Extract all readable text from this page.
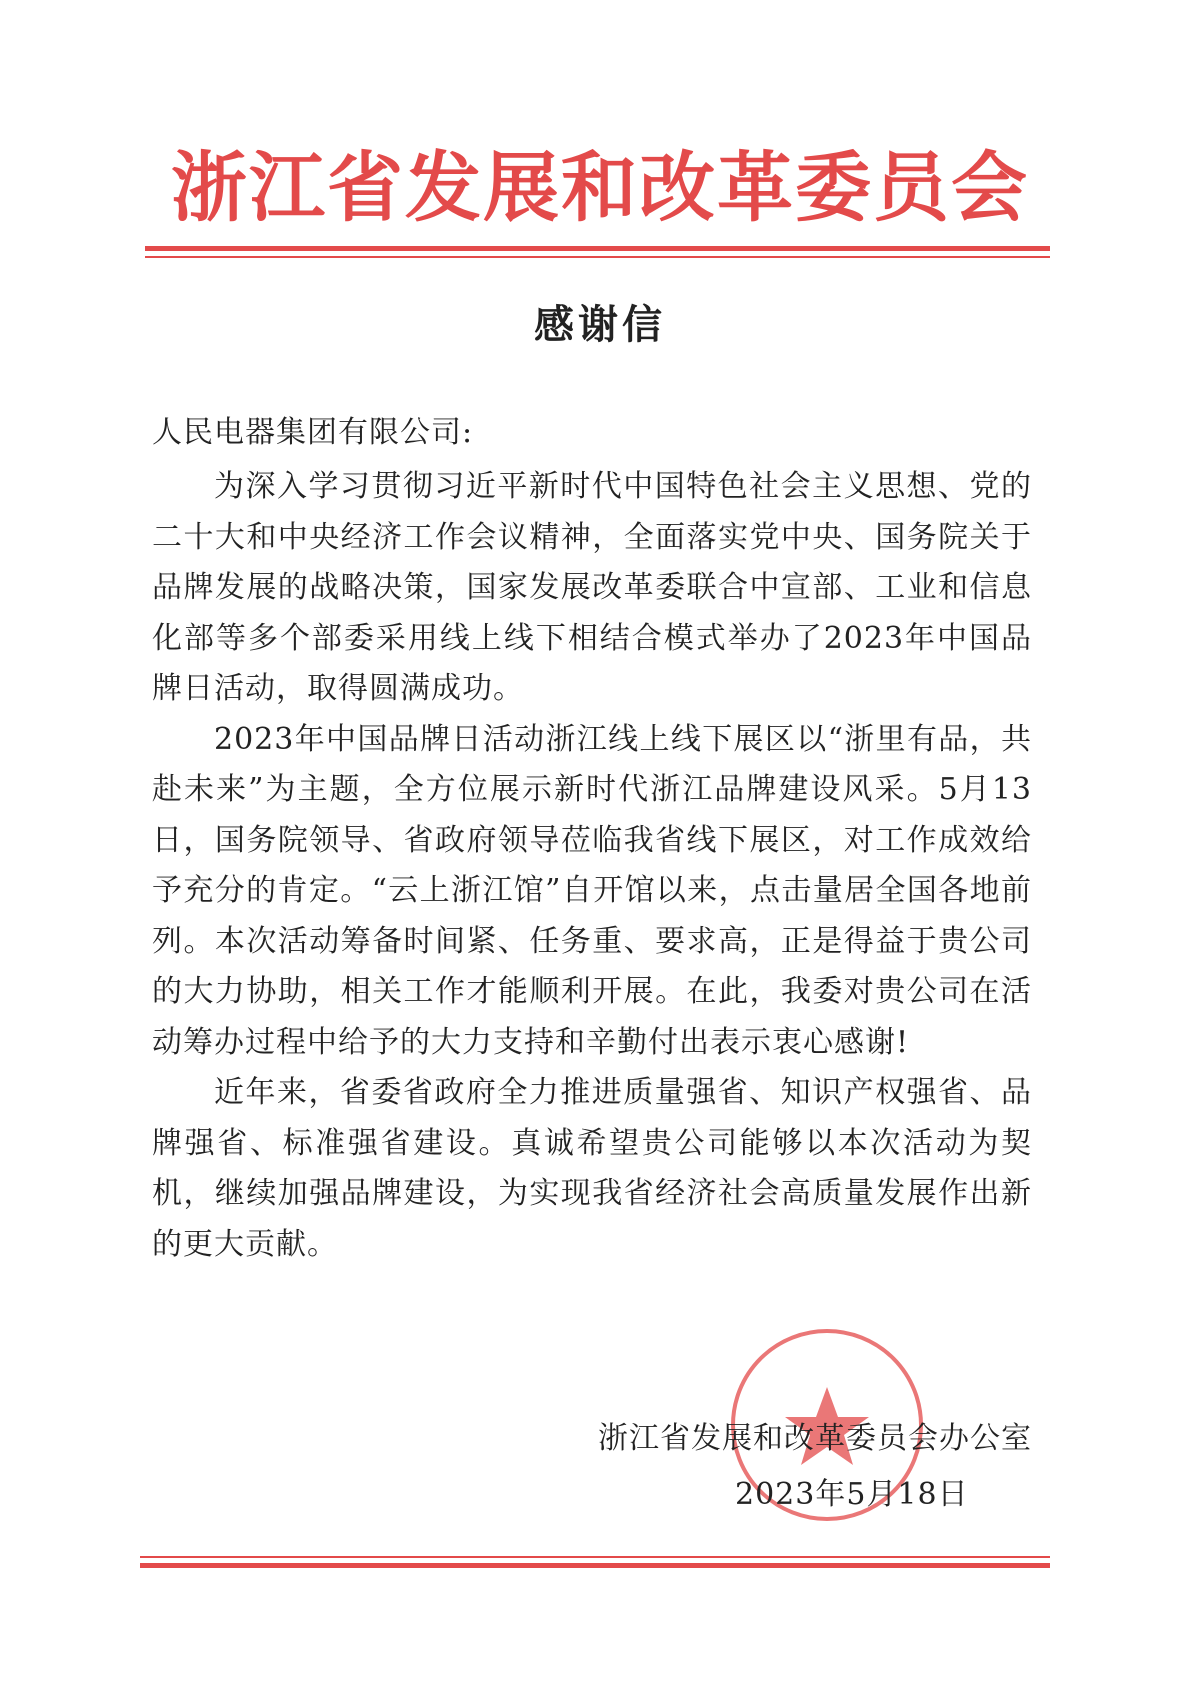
浙江省发展和改革委员会
感谢信
人民电器集团有限公司:

为深入学习贯彻习近平新时代中国特色社会主义思想、党的二十大和中央经济工作会议精神，全面落实党中央、国务院关于品牌发展的战略决策，国家发展改革委联合中宣部、工业和信息化部等多个部委采用线上线下相结合模式举办了2023年中国品牌日活动，取得圆满成功。

2023年中国品牌日活动浙江线上线下展区以“浙里有品，共赴未来”为主题，全方位展示新时代浙江品牌建设风采。5月13日，国务院领导、省政府领导莅临我省线下展区，对工作成效给予充分的肯定。“云上浙江馆”自开馆以来，点击量居全国各地前列。本次活动筹备时间紧、任务重、要求高，正是得益于贵公司的大力协助，相关工作才能顺利开展。在此，我委对贵公司在活动筹办过程中给予的大力支持和辛勤付出表示衷心感谢!

近年来，省委省政府全力推进质量强省、知识产权强省、品牌强省、标准强省建设。真诚希望贵公司能够以本次活动为契机，继续加强品牌建设，为实现我省经济社会高质量发展作出新的更大贡献。

浙江省发展和改革委员会办公室
2023年5月18日
